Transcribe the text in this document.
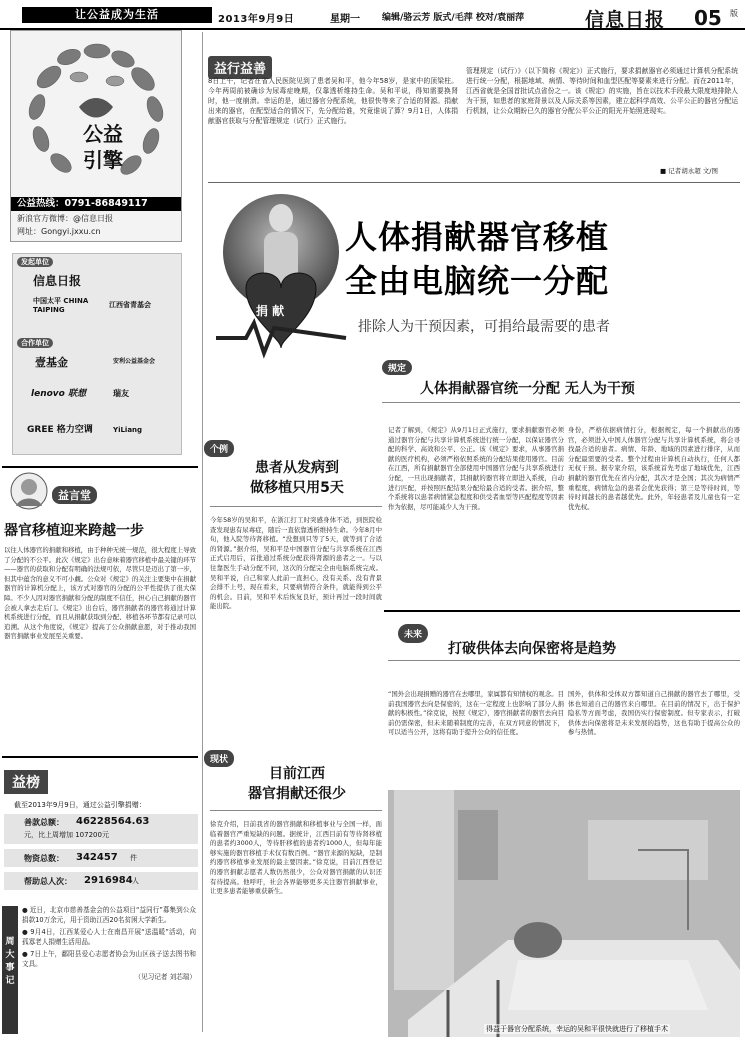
让公益成为生活	2013年9月9日	星期一 编辑/骆云芳 版式/毛萍 校对/袁丽萍	信息日报 05 版
公益
引擎
公益热线：0791-86849117
新浪官方微博：@信息日报
网址：Gongyi.jxxu.cn
发起单位
信息日报
中国太平 CHINA TAIPING
江西省青基会
合作单位
壹基金	安利公益基金会
lenovo 联想	瑞友
GREE 格力空调	YiLiang
益言堂
器官移植迎来跨越一步
以往人体器官的捐献和移植，由于种种无统一规范，很大程度上导致了分配的不公平。此次《规定》出台意味着器官移植中最关键的环节——器官的获取和分配有明确的法规可依，尽管只是迈出了第一步，但其中蕴含的意义不可小觑。公众对《规定》的关注主要集中在捐献器官的计算机分配上，该方式对器官的分配的公平性提供了很大保障。不少人因对器官捐献和分配的制度不信任，担心自己捐献的器官会被人拿去走后门。《规定》出台后，器官捐献者的器官将通过计算机系统进行分配，而且从捐献获取到分配、移植各环节都有记录可以追溯。从这个角度说，《规定》提高了公众捐献意愿，对于推动我国器官捐献事业发展至关重要。
益榜
截至2013年9月9日，通过公益引擎捐赠：
善款总额： 46228564.63
元，比上周增加 107200元
物资总数： 342457 件
帮助总人次： 2916984 人
周大事记
● 近日，北京市慈善基金会的公益项目“益同行”募集到公众捐款10万余元，用于资助江西20名贫困大学新生。
● 9月4日，江西某爱心人士在南昌开展“送温暖”活动，向孤寡老人捐赠生活用品。
● 7日上午，鄱阳县爱心志愿者协会为山区孩子送去图书和文具。
（见习记者 刘芯瑞）
益行益善
8日上午，记者在省人民医院见到了患者吴和平，他今年58岁，是家中的顶梁柱。今年两周前被确诊为尿毒症晚期，仅靠透析维持生命。吴和平说，得知需要换肾时，他一度崩溃。幸运的是，通过器官分配系统，他很快等来了合适的肾源。捐献出来的器官，在配型适合的情况下，先分配给谁，究竟谁说了算？9月1日，人体捐献器官获取与分配管理规定（试行）正式施行。
管理规定（试行）》（以下简称《规定》）正式施行，要求捐献器官必须通过计算机分配系统进行统一分配，根据地域、病情、等待时间和血型匹配等要素来进行分配。而在2011年，江西省就是全国首批试点省份之一。该《规定》的实施，旨在以技术手段最大限度地排除人为干预，如患者的家庭背景以及人际关系等因素，建立起科学高效、公平公正的器官分配运行机制，让公众期盼已久的器官分配公平公正的阳光开始照进现实。
■ 记者胡永超 文/图
捐 献
人体捐献器官移植
全由电脑统一分配
排除人为干预因素，可捐给最需要的患者
规定
人体捐献器官统一分配 无人为干预
记者了解到，《规定》从9月1日正式施行，要求捐献器官必须通过器官分配与共享计算机系统进行统一分配，以保证器官分配的科学、高效和公平、公正。该《规定》要求，从事器官捐献的医疗机构，必须严格依照系统的分配结果使用器官。目前在江西，所有捐献器官全部使用中国器官分配与共享系统进行分配，一旦出现捐献者，其捐献的器官将立即进入系统，自动进行匹配，并按照匹配结果分配给最合适的受者。据介绍，整个系统将以患者病情紧急程度和供受者血型等匹配程度等因素作为依据，尽可能减少人为干预。
身份，严格依据病情打分，根据规定，每一个捐献出的器官，必须进入中国人体器官分配与共享计算机系统，将会寻找最合适的患者。病情、年龄、地域的因素进行排序，从而分配最需要的受者。整个过程由计算机自动执行，任何人都无权干预。据专家介绍，该系统首先考虑了地域优先，江西捐献的器官优先在省内分配，其次才是全国；其次为病情严重程度，病情危急的患者会优先获得；第三是等待时间，等待时间越长的患者越优先。此外，年轻患者及儿童也有一定优先权。
个例
患者从发病到
做移植只用5天
今年58岁的吴和平，在浙江打工时突感身体不适，到医院检查发现患有尿毒症，随后一直依靠透析维持生命。今年8月中旬，他入院等待肾移植。“没想到只等了5天，就等到了合适的肾源。”据介绍，吴和平是中国器官分配与共享系统在江西正式启用后，首批通过系统分配获得肾源的患者之一。与以往靠医生手动分配不同，这次的分配完全由电脑系统完成。吴和平说，自己和家人此前一直担心，没有关系、没有背景会排不上号，现在看来，只要病情符合条件，就能得到公平的机会。目前，吴和平术后恢复良好，预计再过一段时间就能出院。
现状
目前江西
器官捐献还很少
徐克介绍，目前我省的器官捐献和移植事业与全国一样，面临着器官严重短缺的问题。据统计，江西目前有等待肾移植的患者约3000人，等待肝移植的患者约1000人，但每年能够实施的器官移植手术仅有数百例。“器官来源的短缺，是制约器官移植事业发展的最主要因素。”徐克说，目前江西登记的器官捐献志愿者人数仍然很少，公众对器官捐献的认识还有待提高。他呼吁，社会各界能够更多关注器官捐献事业，让更多患者能够重获新生。
未来
打破供体去向保密将是趋势
“国外会出现捐赠的器官在去哪里，家属都有知情权的观念。目前我国器官去向是保密的，这在一定程度上也影响了部分人捐献的积极性。”徐克说，按照《规定》，器官捐献者的器官去向目前仍需保密，但未来随着制度的完善，在双方同意的情况下，可以适当公开，这将有助于提升公众的信任度。
国外，供体和受体双方都知道自己捐献的器官去了哪里，受体也知道自己的器官来自哪里。在目前的情况下，出于保护隐私等方面考虑，我国仍实行保密制度。但专家表示，打破供体去向保密将是未来发展的趋势，这也有助于提高公众的参与热情。
得益于器官分配系统，幸运的吴和平很快就进行了移植手术
